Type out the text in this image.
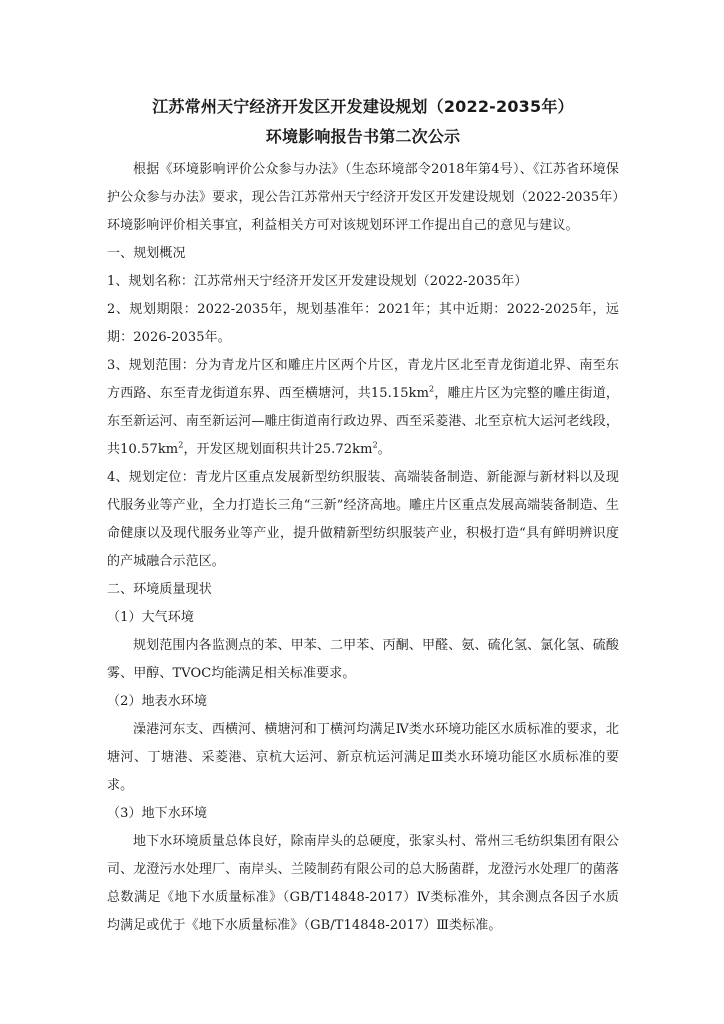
江苏常州天宁经济开发区开发建设规划（2022-2035年）
环境影响报告书第二次公示

根据《环境影响评价公众参与办法》（生态环境部令2018年第4号）、《江苏省环境保护公众参与办法》要求，现公告江苏常州天宁经济开发区开发建设规划（2022-2035年）环境影响评价相关事宜，利益相关方可对该规划环评工作提出自己的意见与建议。

一、规划概况

1、规划名称：江苏常州天宁经济开发区开发建设规划（2022-2035年）

2、规划期限：2022-2035年，规划基准年：2021年；其中近期：2022-2025年，远期：2026-2035年。

3、规划范围：分为青龙片区和雕庄片区两个片区，青龙片区北至青龙街道北界、南至东方西路、东至青龙街道东界、西至横塘河，共$15.15km^2$，雕庄片区为完整的雕庄街道，东至新运河、南至新运河—雕庄街道南行政边界、西至采菱港、北至京杭大运河老线段，共$10.57km^2$，开发区规划面积共计$25.72km^2$。

4、规划定位：青龙片区重点发展新型纺织服装、高端装备制造、新能源与新材料以及现代服务业等产业，全力打造长三角“三新”经济高地。雕庄片区重点发展高端装备制造、生命健康以及现代服务业等产业，提升做精新型纺织服装产业，积极打造“具有鲜明辨识度的产城融合示范区。

二、环境质量现状

（1）大气环境

规划范围内各监测点的苯、甲苯、二甲苯、丙酮、甲醛、氨、硫化氢、氯化氢、硫酸雾、甲醇、TVOC均能满足相关标准要求。

（2）地表水环境

澡港河东支、西横河、横塘河和丁横河均满足Ⅳ类水环境功能区水质标准的要求，北塘河、丁塘港、采菱港、京杭大运河、新京杭运河满足Ⅲ类水环境功能区水质标准的要求。

（3）地下水环境

地下水环境质量总体良好，除南岸头的总硬度，张家头村、常州三毛纺织集团有限公司、龙澄污水处理厂、南岸头、兰陵制药有限公司的总大肠菌群，龙澄污水处理厂的菌落总数满足《地下水质量标准》（GB/T14848-2017）Ⅳ类标准外，其余测点各因子水质均满足或优于《地下水质量标准》（GB/T14848-2017）Ⅲ类标准。
